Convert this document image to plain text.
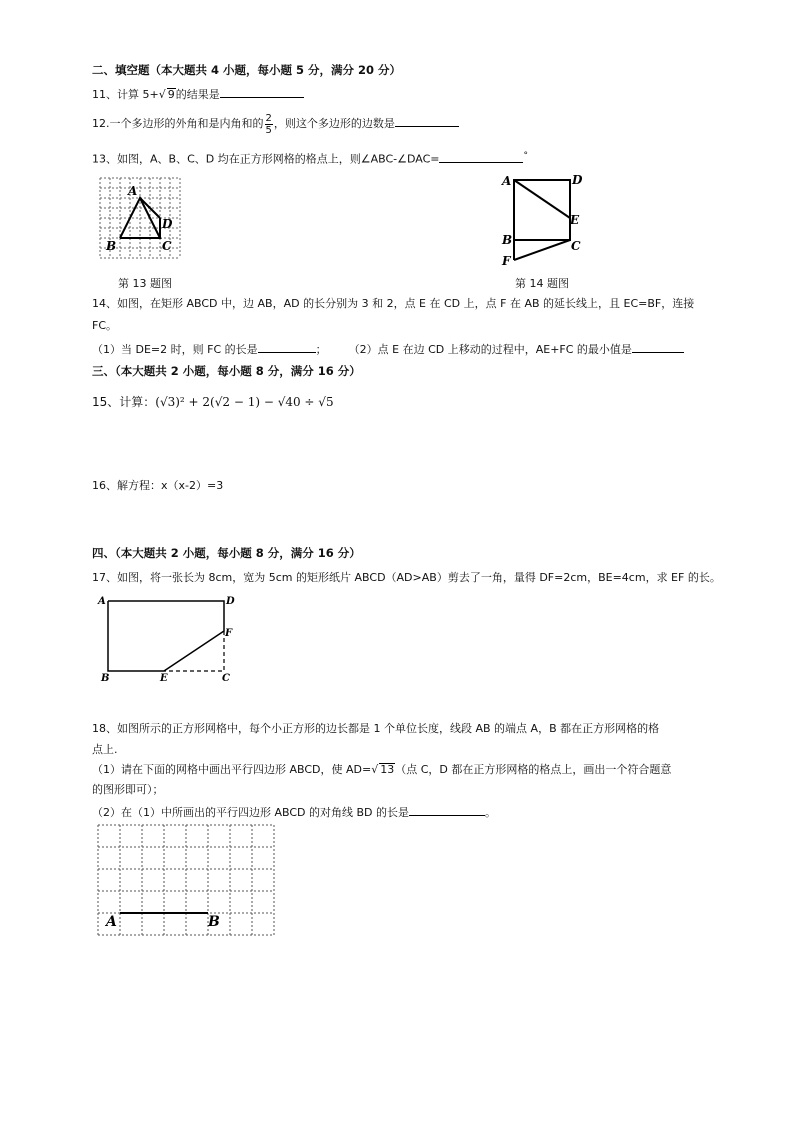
二、填空题（本大题共 4 小题，每小题 5 分，满分 20 分）
11、计算 5+√ 9的结果是
12.一个多边形的外角和是内角和的 $\frac{2}{5}$ ，则这个多边形的边数是
13、如图，A、B、C、D 均在正方形网格的格点上，则∠ABC-∠DAC=	°
A
B	C
D
第 13 题图
A	D
E
B	C
F
第 14 题图
14、如图，在矩形 ABCD 中，边 AB，AD 的长分别为 3 和 2，点 E 在 CD 上，点 F 在 AB 的延长线上，且 EC=BF，连接
FC。
（1）当 DE=2 时，则 FC 的长是	； （2）点 E 在边 CD 上移动的过程中，AE+FC 的最小值是
三、（本大题共 2 小题，每小题 8 分，满分 16 分）
15、计算：(√3)² + 2(√2 − 1) − √40 ÷ √5
16、解方程：x（x-2）=3
四、（本大题共 2 小题，每小题 8 分，满分 16 分）
17、如图，将一张长为 8cm，宽为 5cm 的矩形纸片 ABCD（AD>AB）剪去了一角，量得 DF=2cm，BE=4cm，求 EF 的长。
A	D
F
B	E	C
18、如图所示的正方形网格中，每个小正方形的边长都是 1 个单位长度，线段 AB 的端点 A，B 都在正方形网格的格
点上.
（1）请在下面的网格中画出平行四边形 ABCD，使 AD=√ 13（点 C，D 都在正方形网格的格点上，画出一个符合题意
的图形即可）；
（2）在（1）中所画出的平行四边形 ABCD 的对角线 BD 的长是	。
A	B
